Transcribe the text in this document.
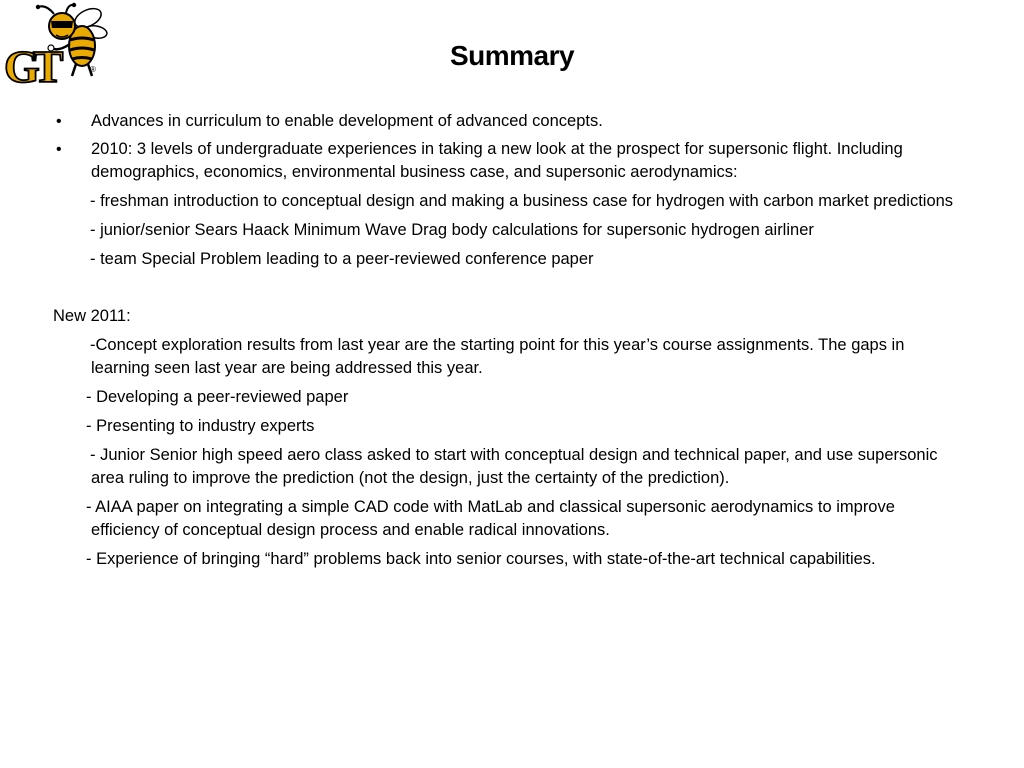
GT	®	Summary
• Advances in curriculum to enable development of advanced concepts.
• 2010: 3 levels of undergraduate experiences in taking a new look at the prospect for supersonic flight. Including
demographics, economics, environmental business case, and supersonic aerodynamics:
- freshman introduction to conceptual design and making a business case for hydrogen with carbon market predictions
- junior/senior Sears Haack Minimum Wave Drag body calculations for supersonic hydrogen airliner
- team Special Problem leading to a peer-reviewed conference paper
New 2011:
-Concept exploration results from last year are the starting point for this year’s course assignments. The gaps in
learning seen last year are being addressed this year.
- Developing a peer-reviewed paper
- Presenting to industry experts
- Junior Senior high speed aero class asked to start with conceptual design and technical paper, and use supersonic
area ruling to improve the prediction (not the design, just the certainty of the prediction).
- AIAA paper on integrating a simple CAD code with MatLab and classical supersonic aerodynamics to improve
efficiency of conceptual design process and enable radical innovations.
- Experience of bringing “hard” problems back into senior courses, with state-of-the-art technical capabilities.
